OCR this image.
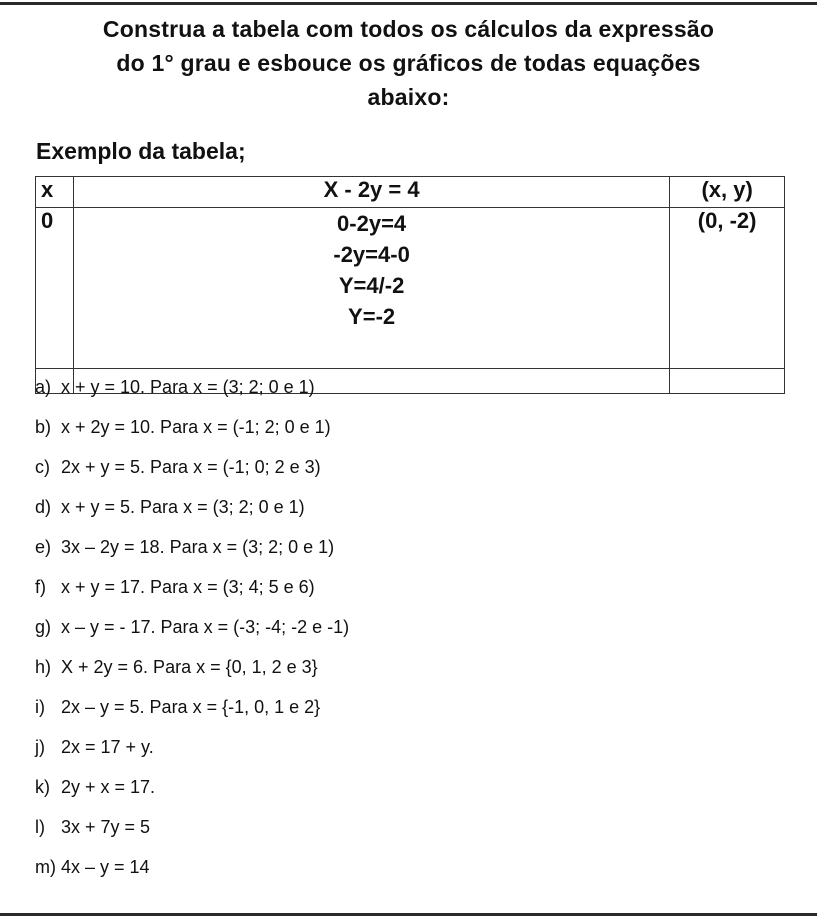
Construa a tabela com todos os cálculos da expressão
do 1° grau e esbouce os gráficos de todas equações
abaixo:
Exemplo da tabela;
x	X - 2y = 4	(x, y)

0	0-2y=4
-2y=4-0
Y=4/-2
Y=-2	(0, -2)

a) x + y = 10. Para x = (3; 2; 0 e 1)
b) x + 2y = 10. Para x = (-1; 2; 0 e 1)
c) 2x + y = 5. Para x = (-1; 0; 2 e 3)
d) x + y = 5. Para x = (3; 2; 0 e 1)
e) 3x – 2y = 18. Para x = (3; 2; 0 e 1)
f) x + y = 17. Para x = (3; 4; 5 e 6)
g) x – y = - 17. Para x = (-3; -4; -2 e -1)
h) X + 2y = 6. Para x = {0, 1, 2 e 3}
i) 2x – y = 5. Para x = {-1, 0, 1 e 2}
j) 2x = 17 + y.
k) 2y + x = 17.
l) 3x + 7y = 5
m) 4x – y = 14
